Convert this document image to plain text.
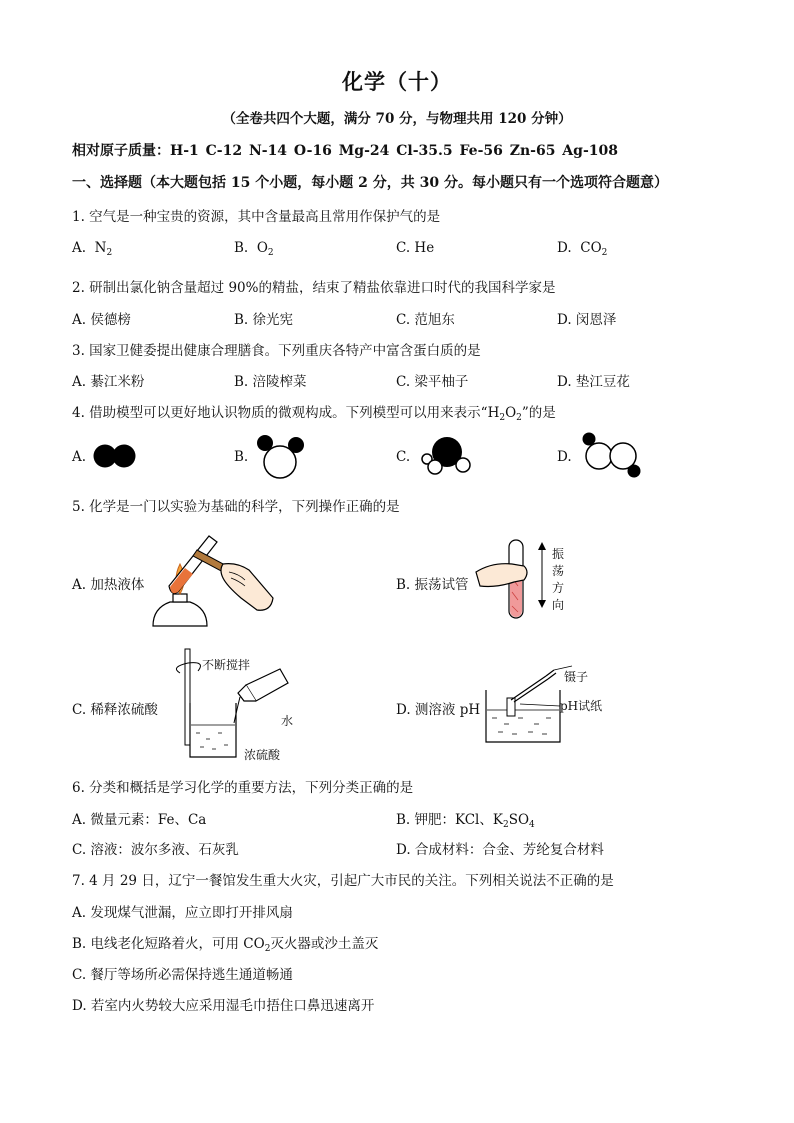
化学（十）
（全卷共四个大题，满分 70 分，与物理共用 120 分钟）
相对原子质量：H-1 C-12 N-14 O-16 Mg-24 Cl-35.5 Fe-56 Zn-65 Ag-108
一、选择题（本大题包括 15 个小题，每小题 2 分，共 30 分。每小题只有一个选项符合题意）
1. 空气是一种宝贵的资源，其中含量最高且常用作保护气的是
A. $N_2$	B. $O_2$	C. He	D. $CO_2$
2. 研制出氯化钠含量超过 90%的精盐，结束了精盐依靠进口时代的我国科学家是
A. 侯德榜	B. 徐光宪	C. 范旭东	D. 闵恩泽
3. 国家卫健委提出健康合理膳食。下列重庆各特产中富含蛋白质的是
A. 綦江米粉	B. 涪陵榨菜	C. 梁平柚子	D. 垫江豆花
4. 借助模型可以更好地认识物质的微观构成。下列模型可以用来表示“$H_2O_2$”的是
A.	B.	C.	D.
5. 化学是一门以实验为基础的科学，下列操作正确的是
A. 加热液体	B. 振荡试管
振
荡
方
向
C. 稀释浓硫酸
不断搅拌
水
浓硫酸
D. 测溶液 pH
镊子
pH试纸
6. 分类和概括是学习化学的重要方法，下列分类正确的是
A. 微量元素：Fe、Ca	B. 钾肥：KCl、$K_2SO_4$
C. 溶液：波尔多液、石灰乳	D. 合成材料：合金、芳纶复合材料
7. 4 月 29 日，辽宁一餐馆发生重大火灾，引起广大市民的关注。下列相关说法不正确的是
A. 发现煤气泄漏，应立即打开排风扇
B. 电线老化短路着火，可用 $CO_2$灭火器或沙土盖灭
C. 餐厅等场所必需保持逃生通道畅通
D. 若室内火势较大应采用湿毛巾捂住口鼻迅速离开
